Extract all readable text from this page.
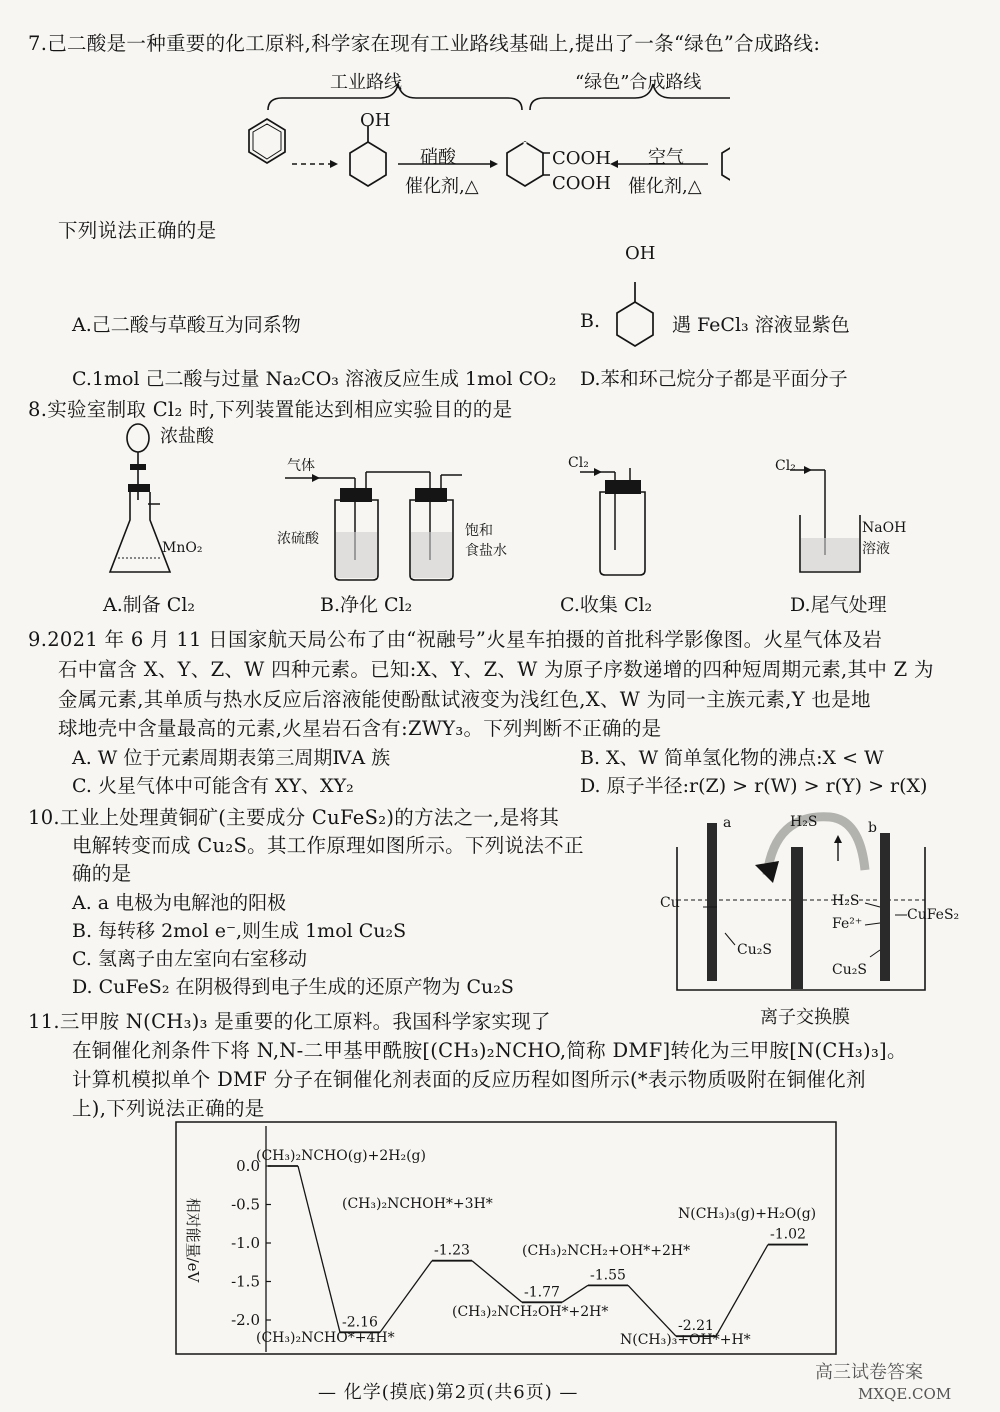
7.己二酸是一种重要的化工原料,科学家在现有工业路线基础上,提出了一条“绿色”合成路线:
工业路线	“绿色”合成路线
OH
硝酸
催化剂,△
COOH
COOH
空气
催化剂,△
下列说法正确的是
A.己二酸与草酸互为同系物	B.
OH
遇 FeCl₃ 溶液显紫色
C.1mol 己二酸与过量 Na₂CO₃ 溶液反应生成 1mol CO₂ D.苯和环己烷分子都是平面分子
8.实验室制取 Cl₂ 时,下列装置能达到相应实验目的的是
浓盐酸
MnO₂
气体
浓硫酸	饱和
食盐水
Cl₂	Cl₂
NaOH
溶液
A.制备 Cl₂	B.净化 Cl₂	C.收集 Cl₂	D.尾气处理
9.2021 年 6 月 11 日国家航天局公布了由“祝融号”火星车拍摄的首批科学影像图。火星气体及岩
石中富含 X、Y、Z、W 四种元素。已知:X、Y、Z、W 为原子序数递增的四种短周期元素,其中 Z 为
金属元素,其单质与热水反应后溶液能使酚酞试液变为浅红色,X、W 为同一主族元素,Y 也是地
球地壳中含量最高的元素,火星岩石含有:ZWY₃。下列判断不正确的是
A. W 位于元素周期表第三周期ⅣA 族	B. X、W 简单氢化物的沸点:X < W
C. 火星气体中可能含有 XY、XY₂	D. 原子半径:r(Z) > r(W) > r(Y) > r(X)
10.工业上处理黄铜矿(主要成分 CuFeS₂)的方法之一,是将其
电解转变而成 Cu₂S。其工作原理如图所示。下列说法不正
确的是
A. a 电极为电解池的阳极
B. 每转移 2mol e⁻,则生成 1mol Cu₂S
C. 氢离子由左室向右室移动
D. CuFeS₂ 在阴极得到电子生成的还原产物为 Cu₂S
a	b
H₂S
Cu	H₂S
Fe²⁺
CuFeS₂
Cu₂S
Cu₂S
离子交换膜
11.三甲胺 N(CH₃)₃ 是重要的化工原料。我国科学家实现了
在铜催化剂条件下将 N,N-二甲基甲酰胺[(CH₃)₂NCHO,简称 DMF]转化为三甲胺[N(CH₃)₃]。
计算机模拟单个 DMF 分子在铜催化剂表面的反应历程如图所示(*表示物质吸附在铜催化剂
上),下列说法正确的是
相对能量/eV
0.0
-0.5
-1.0
-1.5
-2.0	-2.16
-1.23
-1.77
-1.55
-2.21
-1.02
(CH₃)₂NCHO(g)+2H₂(g)
(CH₃)₂NCHO*+4H*
(CH₃)₂NCHOH*+3H*
(CH₃)₂NCH₂OH*+2H*
(CH₃)₂NCH₂+OH*+2H*
N(CH₃)₃+OH*+H*
N(CH₃)₃(g)+H₂O(g)
— 化学(摸底)第2页(共6页) —
高三试卷答案
MXQE.COM
